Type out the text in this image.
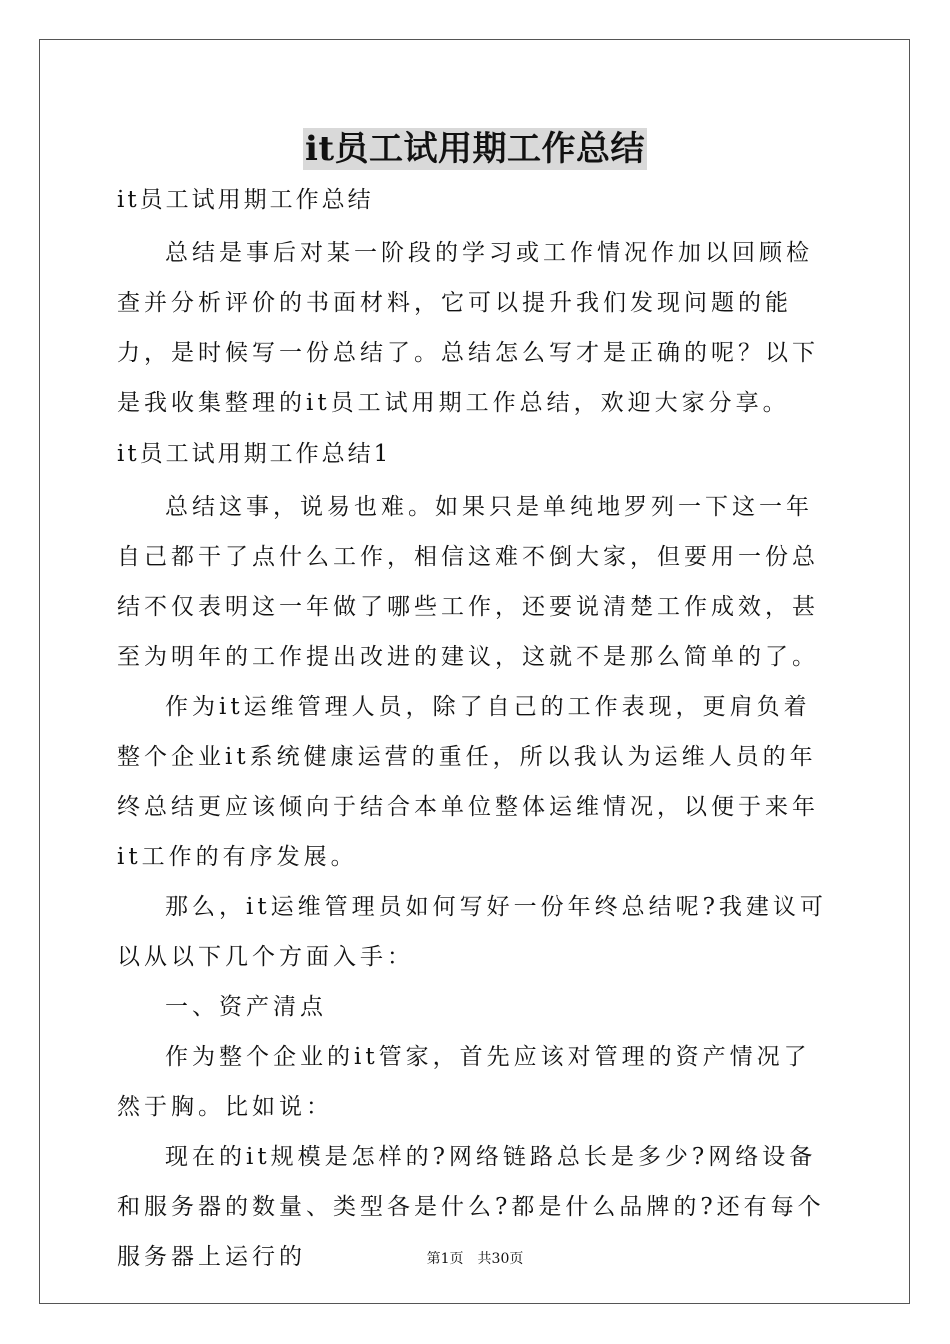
it员工试用期工作总结

it员工试用期工作总结

总结是事后对某一阶段的学习或工作情况作加以回顾检查并分析评价的书面材料，它可以提升我们发现问题的能力，是时候写一份总结了。总结怎么写才是正确的呢？以下是我收集整理的it员工试用期工作总结，欢迎大家分享。

it员工试用期工作总结1

总结这事，说易也难。如果只是单纯地罗列一下这一年自己都干了点什么工作，相信这难不倒大家，但要用一份总结不仅表明这一年做了哪些工作，还要说清楚工作成效，甚至为明年的工作提出改进的建议，这就不是那么简单的了。

作为it运维管理人员，除了自己的工作表现，更肩负着整个企业it系统健康运营的重任，所以我认为运维人员的年终总结更应该倾向于结合本单位整体运维情况，以便于来年it工作的有序发展。

那么，it运维管理员如何写好一份年终总结呢?我建议可以从以下几个方面入手：

一、资产清点

作为整个企业的it管家，首先应该对管理的资产情况了然于胸。比如说：

现在的it规模是怎样的?网络链路总长是多少?网络设备和服务器的数量、类型各是什么?都是什么品牌的?还有每个服务器上运行的	第1页　共30页
